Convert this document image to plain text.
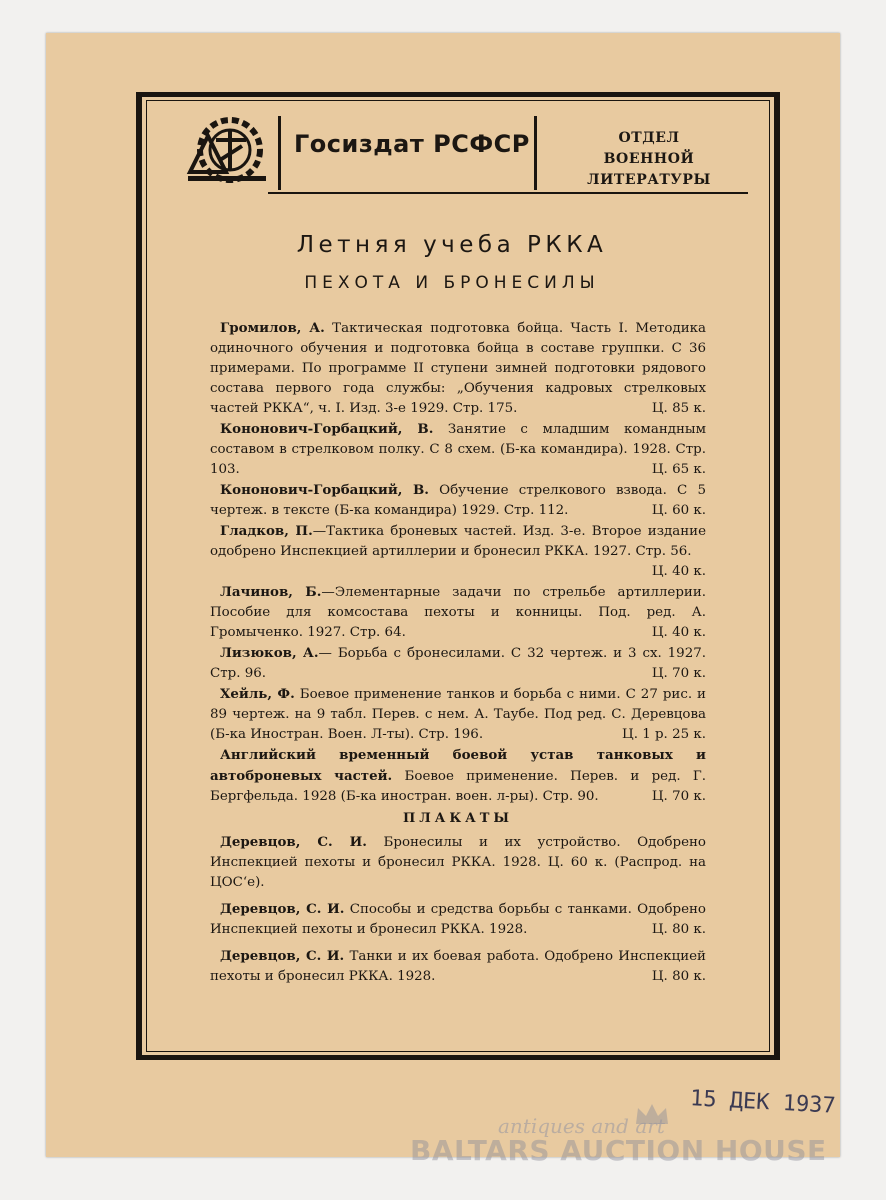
Госиздат РСФСР	ОТДЕЛ
ВОЕННОЙ ЛИТЕРАТУРЫ
Летняя учеба РККА
ПЕХОТА И БРОНЕСИЛЫ
Громилов, А. Тактическая подготовка бойца. Часть I. Методика одиночного обучения и подготовка бойца в составе группки. С 36 примерами. По программе II ступени зимней подготовки рядового состава первого года службы: „Обучения кадровых стрелковых частей РККА“, ч. I. Изд. 3-е 1929. Стр. 175.	Ц. 85 к.
Кононович-Горбацкий, В. Занятие с младшим командным составом в стрелковом полку. С 8 схем. (Б-ка командира). 1928. Стр. 103.	Ц. 65 к.
Кононович-Горбацкий, В. Обучение стрелкового взвода. С 5 чертеж. в тексте (Б-ка командира) 1929. Стр. 112.	Ц. 60 к.
Гладков, П.—Тактика броневых частей. Изд. 3-е. Второе издание одобрено Инспекцией артиллерии и бронесил РККА. 1927. Стр. 56.
Ц. 40 к.
Лачинов, Б.—Элементарные задачи по стрельбе артиллерии. Пособие для комсостава пехоты и конницы. Под. ред. А. Громыченко. 1927. Стр. 64.	Ц. 40 к.
Лизюков, А.— Борьба с бронесилами. С 32 чертеж. и 3 сх. 1927. Стр. 96.	Ц. 70 к.
Хейль, Ф. Боевое применение танков и борьба с ними. С 27 рис. и 89 чертеж. на 9 табл. Перев. с нем. А. Таубе. Под ред. С. Деревцова (Б-ка Иностран. Воен. Л-ты). Стр. 196.	Ц. 1 р. 25 к.
Английский временный боевой устав танковых и автоброневых частей. Боевое применение. Перев. и ред. Г. Бергфельда. 1928 (Б-ка иностран. воен. л-ры). Стр. 90.	Ц. 70 к.
ПЛАКАТЫ
Деревцов, С. И. Бронесилы и их устройство. Одобрено Инспекцией пехоты и бронесил РККА. 1928. Ц. 60 к. (Распрод. на ЦОС‘е).
Деревцов, С. И. Способы и средства борьбы с танками. Одобрено Инспекцией пехоты и бронесил РККА. 1928.	Ц. 80 к.
Деревцов, С. И. Танки и их боевая работа. Одобрено Инспекцией пехоты и бронесил РККА. 1928.	Ц. 80 к.
15 ДЕК 1937
antiques and art
BALTARS AUCTION HOUSE
